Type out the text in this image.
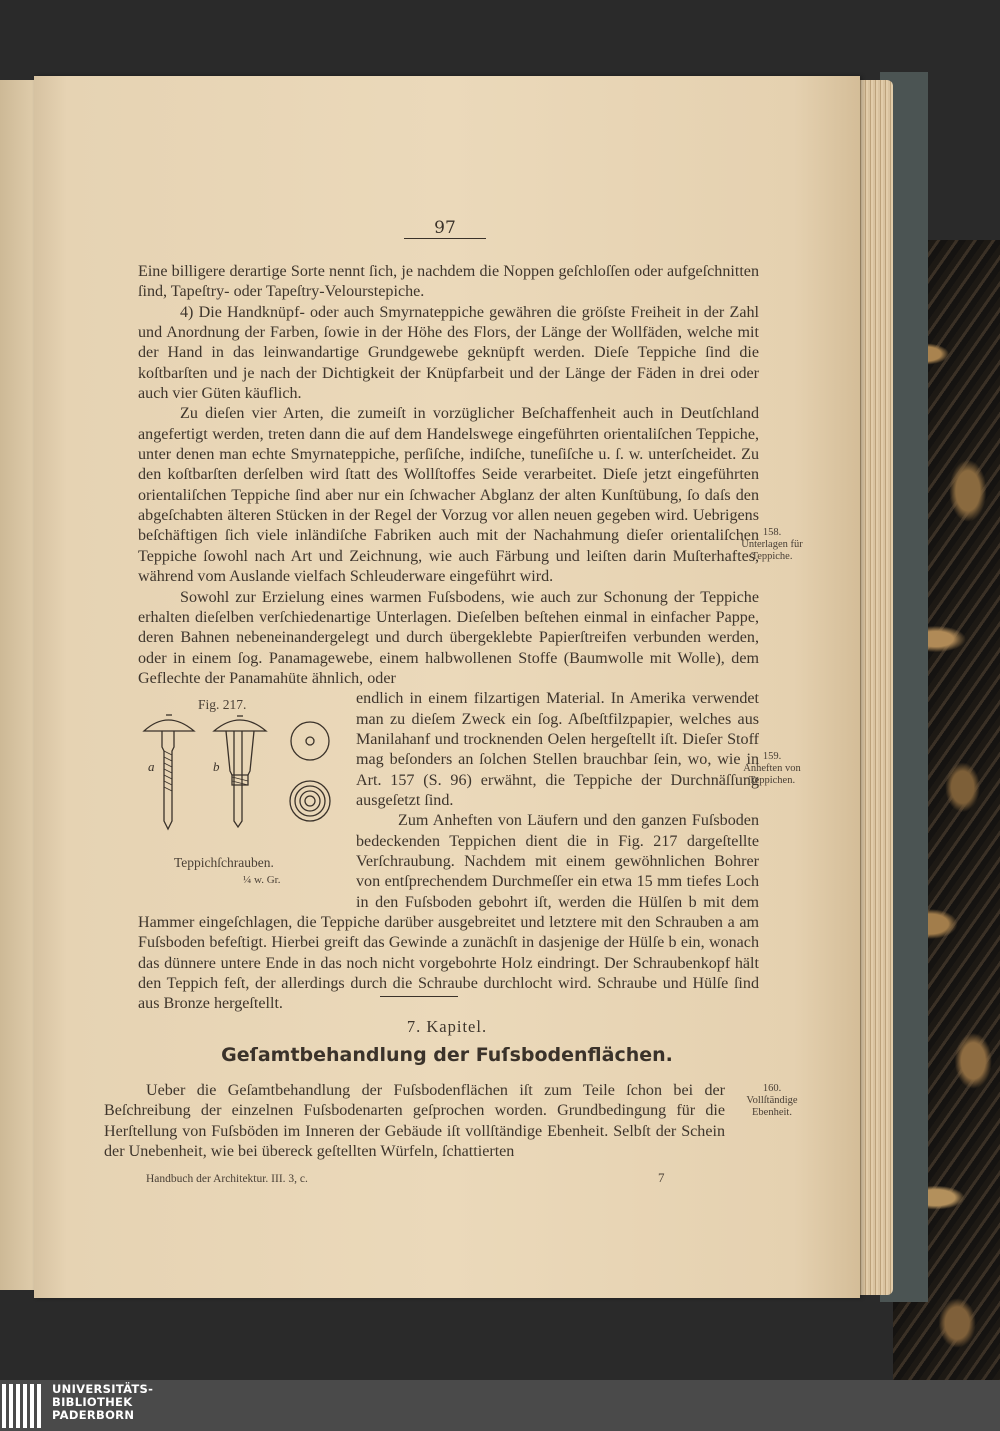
97

Eine billigere derartige Sorte nennt ſich, je nachdem die Noppen geſchloſſen oder aufgeſchnitten ſind, Tapeſtry- oder Tapeſtry-Velourstepiche.

4) Die Handknüpf- oder auch Smyrnateppiche gewähren die gröſste Freiheit in der Zahl und Anordnung der Farben, ſowie in der Höhe des Flors, der Länge der Wollfäden, welche mit der Hand in das leinwandartige Grundgewebe geknüpft werden. Dieſe Teppiche ſind die koſtbarſten und je nach der Dichtigkeit der Knüpfarbeit und der Länge der Fäden in drei oder auch vier Güten käuflich.

Zu dieſen vier Arten, die zumeiſt in vorzüglicher Beſchaffenheit auch in Deutſchland angefertigt werden, treten dann die auf dem Handelswege eingeführten orientaliſchen Teppiche, unter denen man echte Smyrnateppiche, perſiſche, indiſche, tuneſiſche u. ſ. w. unterſcheidet. Zu den koſtbarſten derſelben wird ſtatt des Wollſtoffes Seide verarbeitet. Dieſe jetzt eingeführten orientaliſchen Teppiche ſind aber nur ein ſchwacher Abglanz der alten Kunſtübung, ſo daſs den abgeſchabten älteren Stücken in der Regel der Vorzug vor allen neuen gegeben wird. Uebrigens beſchäftigen ſich viele inländiſche Fabriken auch mit der Nachahmung dieſer orientaliſchen Teppiche ſowohl nach Art und Zeichnung, wie auch Färbung und leiſten darin Muſterhaftes, während vom Auslande vielfach Schleuderware eingeführt wird.

Sowohl zur Erzielung eines warmen Fuſsbodens, wie auch zur Schonung der Teppiche erhalten dieſelben verſchiedenartige Unterlagen. Dieſelben beſtehen einmal in einfacher Pappe, deren Bahnen nebeneinandergelegt und durch übergeklebte Papierſtreifen verbunden werden, oder in einem ſog. Panamagewebe, einem halbwollenen Stoffe (Baumwolle mit Wolle), dem Geflechte der Panamahüte ähnlich, oder

Fig. 217.
a	b
Teppichſchrauben.
¼ w. Gr.

endlich in einem filzartigen Material. In Amerika verwendet man zu dieſem Zweck ein ſog. Aſbeſtfilzpapier, welches aus Manilahanf und trocknenden Oelen hergeſtellt iſt. Dieſer Stoff mag beſonders an ſolchen Stellen brauchbar ſein, wo, wie in Art. 157 (S. 96) erwähnt, die Teppiche der Durchnäſſung ausgeſetzt ſind.

Zum Anheften von Läufern und den ganzen Fuſsboden bedeckenden Teppichen dient die in Fig. 217 dargeſtellte Verſchraubung. Nachdem mit einem gewöhnlichen Bohrer von entſprechendem Durchmeſſer ein etwa 15 mm tiefes Loch in den Fuſsboden gebohrt iſt, werden die Hülſen b mit dem Hammer eingeſchlagen, die Teppiche darüber ausgebreitet und letztere mit den Schrauben a am Fuſsboden befeſtigt. Hierbei greift das Gewinde a zunächſt in dasjenige der Hülſe b ein, wonach das dünnere untere Ende in das noch nicht vorgebohrte Holz eindringt. Der Schraubenkopf hält den Teppich feſt, der allerdings durch die Schraube durchlocht wird. Schraube und Hülſe ſind aus Bronze hergeſtellt.

158.
Unterlagen für Teppiche.
159.
Anheften von Teppichen.
160.
Vollſtändige Ebenheit.
7. Kapitel.
Geſamtbehandlung der Fuſsbodenflächen.

Ueber die Geſamtbehandlung der Fuſsbodenflächen iſt zum Teile ſchon bei der Beſchreibung der einzelnen Fuſsbodenarten geſprochen worden. Grundbedingung für die Herſtellung von Fuſsböden im Inneren der Gebäude iſt vollſtändige Ebenheit. Selbſt der Schein der Unebenheit, wie bei übereck geſtellten Würfeln, ſchattierten

Handbuch der Architektur. III. 3, c.	7
UNIVERSITÄTS-
BIBLIOTHEK
PADERBORN
